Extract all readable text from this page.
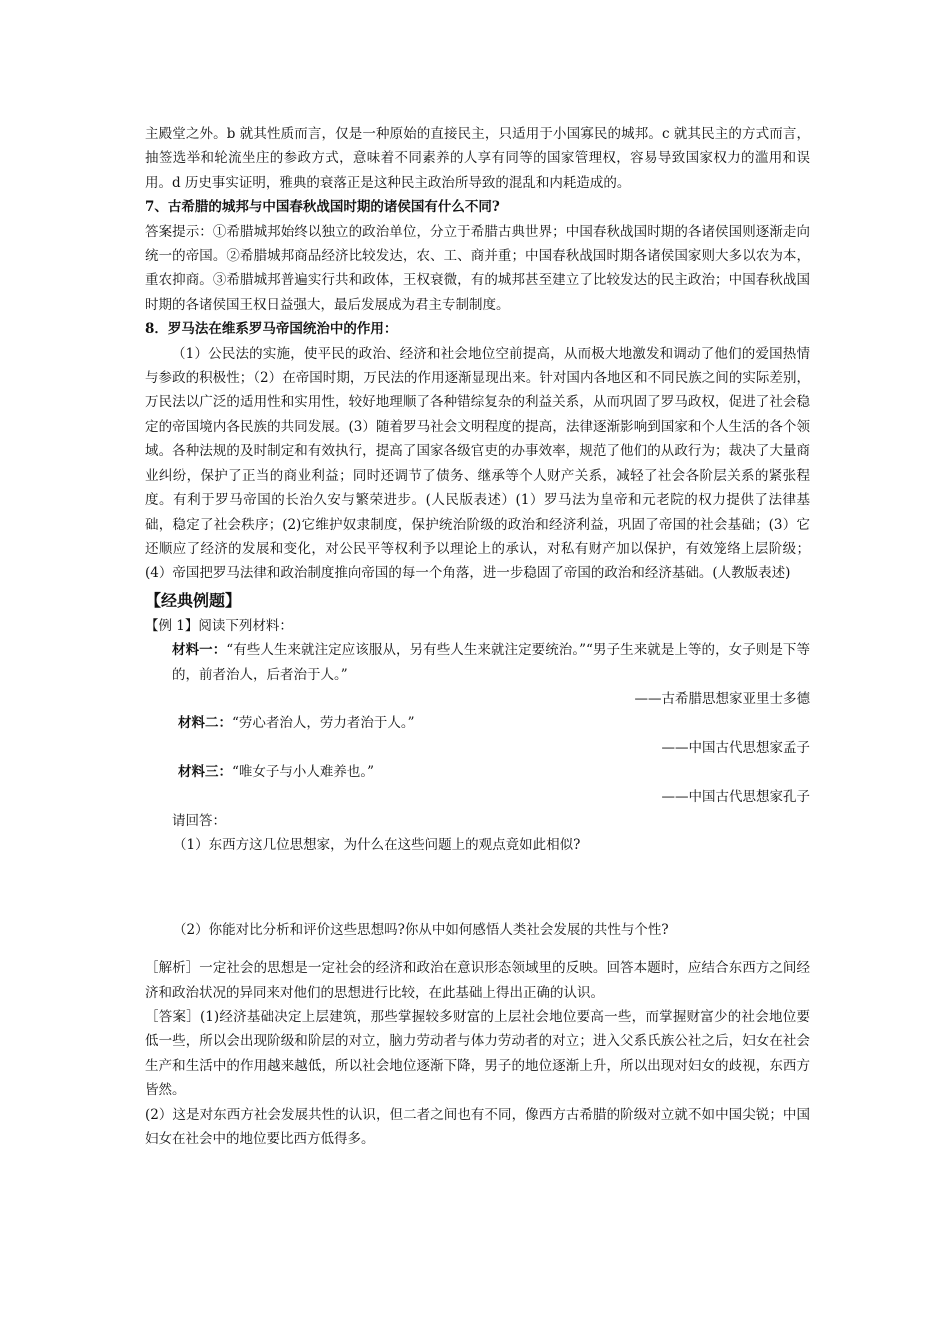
主殿堂之外。b 就其性质而言，仅是一种原始的直接民主，只适用于小国寡民的城邦。c 就其民主的方式而言，抽签选举和轮流坐庄的参政方式，意味着不同素养的人享有同等的国家管理权，容易导致国家权力的滥用和误用。d 历史事实证明，雅典的衰落正是这种民主政治所导致的混乱和内耗造成的。

7、古希腊的城邦与中国春秋战国时期的诸侯国有什么不同?

答案提示：①希腊城邦始终以独立的政治单位，分立于希腊古典世界；中国春秋战国时期的各诸侯国则逐渐走向统一的帝国。②希腊城邦商品经济比较发达，农、工、商并重；中国春秋战国时期各诸侯国家则大多以农为本，重农抑商。③希腊城邦普遍实行共和政体，王权衰微，有的城邦甚至建立了比较发达的民主政治；中国春秋战国时期的各诸侯国王权日益强大，最后发展成为君主专制制度。

8．罗马法在维系罗马帝国统治中的作用：

（1）公民法的实施，使平民的政治、经济和社会地位空前提高，从而极大地激发和调动了他们的爱国热情与参政的积极性；（2）在帝国时期，万民法的作用逐渐显现出来。针对国内各地区和不同民族之间的实际差别，万民法以广泛的适用性和实用性，较好地理顺了各种错综复杂的利益关系，从而巩固了罗马政权，促进了社会稳定的帝国境内各民族的共同发展。(3）随着罗马社会文明程度的提高，法律逐渐影响到国家和个人生活的各个领域。各种法规的及时制定和有效执行，提高了国家各级官吏的办事效率，规范了他们的从政行为；裁决了大量商业纠纷，保护了正当的商业利益；同时还调节了债务、继承等个人财产关系，减轻了社会各阶层关系的紧张程度。有利于罗马帝国的长治久安与繁荣进步。(人民版表述）(1）罗马法为皇帝和元老院的权力提供了法律基础，稳定了社会秩序；(2)它维护奴隶制度，保护统治阶级的政治和经济利益，巩固了帝国的社会基础；(3）它还顺应了经济的发展和变化，对公民平等权利予以理论上的承认，对私有财产加以保护，有效笼络上层阶级；(4）帝国把罗马法律和政治制度推向帝国的每一个角落，进一步稳固了帝国的政治和经济基础。(人教版表述)

【经典例题】

【例 1】阅读下列材料：

材料一：“有些人生来就注定应该服从，另有些人生来就注定要统治。”“男子生来就是上等的，女子则是下等的，前者治人，后者治于人。”

——古希腊思想家亚里士多德

材料二：“劳心者治人，劳力者治于人。”

——中国古代思想家孟子

材料三：“唯女子与小人难养也。”

——中国古代思想家孔子

请回答：

（1）东西方这几位思想家，为什么在这些问题上的观点竟如此相似?

（2）你能对比分析和评价这些思想吗?你从中如何感悟人类社会发展的共性与个性?

［解析］一定社会的思想是一定社会的经济和政治在意识形态领域里的反映。回答本题时，应结合东西方之间经济和政治状况的异同来对他们的思想进行比较，在此基础上得出正确的认识。

［答案］(1)经济基础决定上层建筑，那些掌握较多财富的上层社会地位要高一些，而掌握财富少的社会地位要低一些，所以会出现阶级和阶层的对立，脑力劳动者与体力劳动者的对立；进入父系氏族公社之后，妇女在社会生产和生活中的作用越来越低，所以社会地位逐渐下降，男子的地位逐渐上升，所以出现对妇女的歧视，东西方皆然。

(2）这是对东西方社会发展共性的认识，但二者之间也有不同，像西方古希腊的阶级对立就不如中国尖锐；中国妇女在社会中的地位要比西方低得多。
